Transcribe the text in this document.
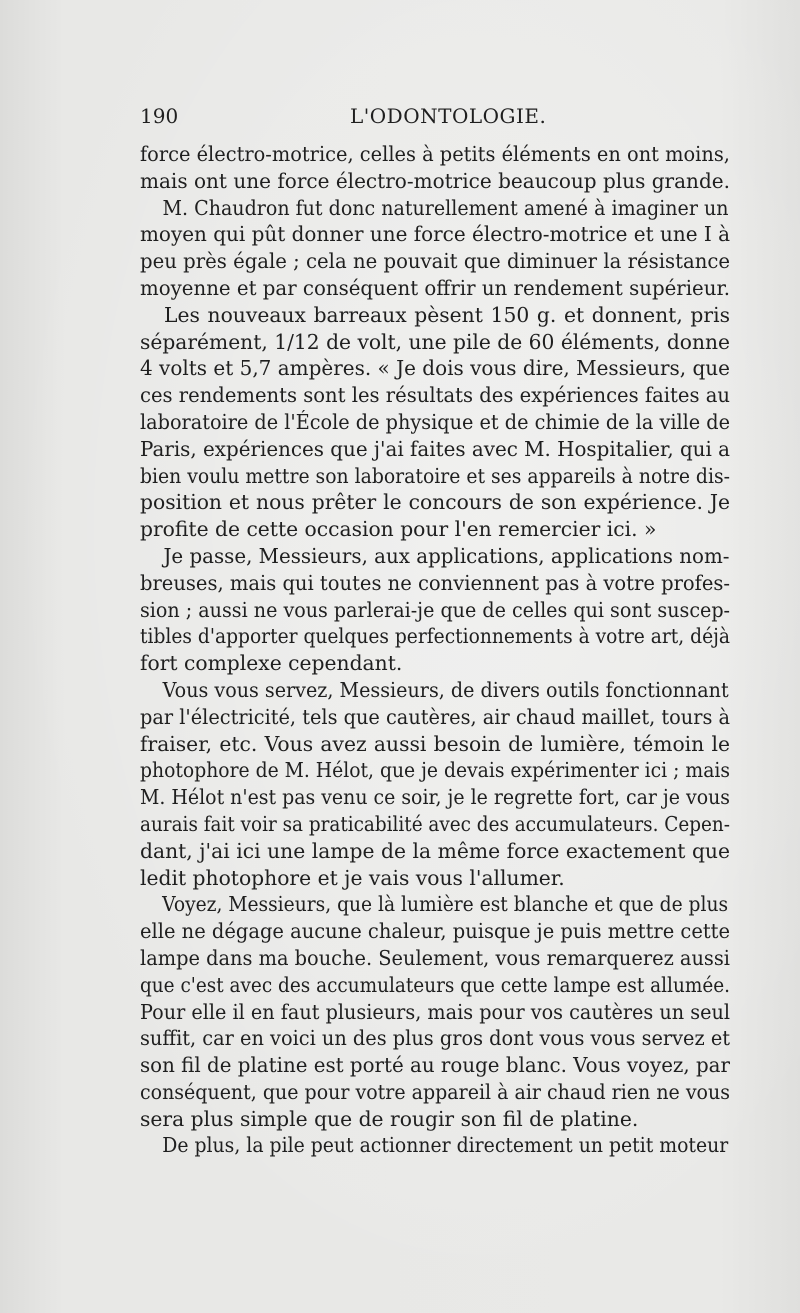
190	L'ODONTOLOGIE.
force électro-motrice, celles à petits éléments en ont moins,
mais ont une force électro-motrice beaucoup plus grande.
M. Chaudron fut donc naturellement amené à imaginer un
moyen qui pût donner une force électro-motrice et une I à
peu près égale ; cela ne pouvait que diminuer la résistance
moyenne et par conséquent offrir un rendement supérieur.
Les nouveaux barreaux pèsent 150 g. et donnent, pris
séparément, 1/12 de volt, une pile de 60 éléments, donne
4 volts et 5,7 ampères. « Je dois vous dire, Messieurs, que
ces rendements sont les résultats des expériences faites au
laboratoire de l'École de physique et de chimie de la ville de
Paris, expériences que j'ai faites avec M. Hospitalier, qui a
bien voulu mettre son laboratoire et ses appareils à notre dis-
position et nous prêter le concours de son expérience. Je
profite de cette occasion pour l'en remercier ici. »
Je passe, Messieurs, aux applications, applications nom-
breuses, mais qui toutes ne conviennent pas à votre profes-
sion ; aussi ne vous parlerai-je que de celles qui sont suscep-
tibles d'apporter quelques perfectionnements à votre art, déjà
fort complexe cependant.
Vous vous servez, Messieurs, de divers outils fonctionnant
par l'électricité, tels que cautères, air chaud maillet, tours à
fraiser, etc. Vous avez aussi besoin de lumière, témoin le
photophore de M. Hélot, que je devais expérimenter ici ; mais
M. Hélot n'est pas venu ce soir, je le regrette fort, car je vous
aurais fait voir sa praticabilité avec des accumulateurs. Cepen-
dant, j'ai ici une lampe de la même force exactement que
ledit photophore et je vais vous l'allumer.
Voyez, Messieurs, que là lumière est blanche et que de plus
elle ne dégage aucune chaleur, puisque je puis mettre cette
lampe dans ma bouche. Seulement, vous remarquerez aussi
que c'est avec des accumulateurs que cette lampe est allumée.
Pour elle il en faut plusieurs, mais pour vos cautères un seul
suffit, car en voici un des plus gros dont vous vous servez et
son fil de platine est porté au rouge blanc. Vous voyez, par
conséquent, que pour votre appareil à air chaud rien ne vous
sera plus simple que de rougir son fil de platine.
De plus, la pile peut actionner directement un petit moteur
